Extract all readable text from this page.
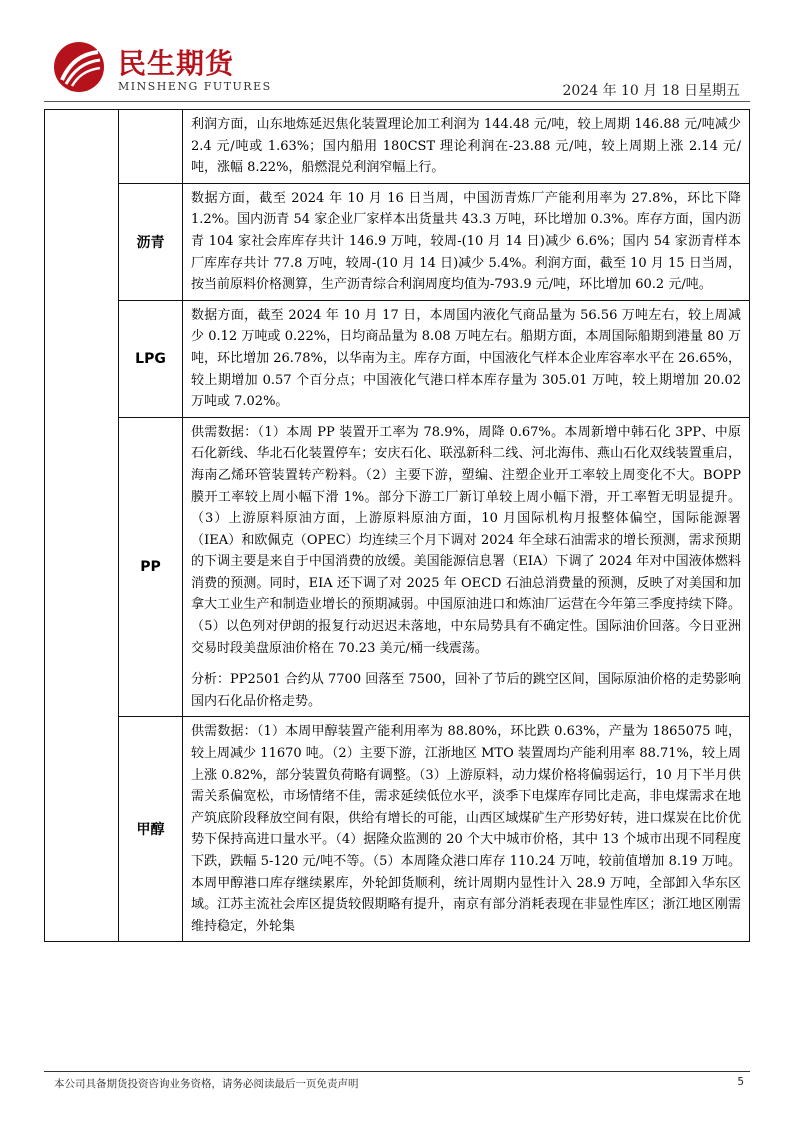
民生期货
MINSHENG FUTURES	2024 年 10 月 18 日星期五

		利润方面，山东地炼延迟焦化装置理论加工利润为 144.48 元/吨，较上周期 146.88 元/吨减少 2.4 元/吨或 1.63%；国内船用 180CST 理论利润在-23.88 元/吨，较上周期上涨 2.14 元/吨，涨幅 8.22%，船燃混兑利润窄幅上行。

	沥青	数据方面，截至 2024 年 10 月 16 日当周，中国沥青炼厂产能利用率为 27.8%，环比下降 1.2%。国内沥青 54 家企业厂家样本出货量共 43.3 万吨，环比增加 0.3%。库存方面，国内沥青 104 家社会库库存共计 146.9 万吨，较周-(10 月 14 日)减少 6.6%；国内 54 家沥青样本厂库库存共计 77.8 万吨，较周-(10 月 14 日)减少 5.4%。利润方面，截至 10 月 15 日当周，按当前原料价格测算，生产沥青综合利润周度均值为-793.9 元/吨，环比增加 60.2 元/吨。

	LPG	数据方面，截至 2024 年 10 月 17 日，本周国内液化气商品量为 56.56 万吨左右，较上周减少 0.12 万吨或 0.22%，日均商品量为 8.08 万吨左右。船期方面，本周国际船期到港量 80 万吨，环比增加 26.78%，以华南为主。库存方面，中国液化气样本企业库容率水平在 26.65%，较上期增加 0.57 个百分点；中国液化气港口样本库存量为 305.01 万吨，较上期增加 20.02 万吨或 7.02%。

	PP	供需数据：（1）本周 PP 装置开工率为 78.9%，周降 0.67%。本周新增中韩石化 3PP、中原石化新线、华北石化装置停车；安庆石化、联泓新科二线、河北海伟、燕山石化双线装置重启，海南乙烯环管装置转产粉料。（2）主要下游，塑编、注塑企业开工率较上周变化不大。BOPP 膜开工率较上周小幅下滑 1%。部分下游工厂新订单较上周小幅下滑，开工率暂无明显提升。（3）上游原料原油方面，上游原料原油方面，10 月国际机构月报整体偏空，国际能源署（IEA）和欧佩克（OPEC）均连续三个月下调对 2024 年全球石油需求的增长预测，需求预期的下调主要是来自于中国消费的放缓。美国能源信息署（EIA）下调了 2024 年对中国液体燃料消费的预测。同时，EIA 还下调了对 2025 年 OECD 石油总消费量的预测，反映了对美国和加拿大工业生产和制造业增长的预期减弱。中国原油进口和炼油厂运营在今年第三季度持续下降。（5）以色列对伊朗的报复行动迟迟未落地，中东局势具有不确定性。国际油价回落。今日亚洲交易时段美盘原油价格在 70.23 美元/桶一线震荡。

分析：PP2501 合约从 7700 回落至 7500，回补了节后的跳空区间，国际原油价格的走势影响国内石化品价格走势。

	甲醇	供需数据：（1）本周甲醇装置产能利用率为 88.80%，环比跌 0.63%，产量为 1865075 吨，较上周减少 11670 吨。（2）主要下游，江浙地区 MTO 装置周均产能利用率 88.71%，较上周上涨 0.82%，部分装置负荷略有调整。（3）上游原料，动力煤价格将偏弱运行，10 月下半月供需关系偏宽松，市场情绪不佳，需求延续低位水平，淡季下电煤库存同比走高，非电煤需求在地产筑底阶段释放空间有限，供给有增长的可能，山西区域煤矿生产形势好转，进口煤炭在比价优势下保持高进口量水平。（4）据隆众监测的 20 个大中城市价格，其中 13 个城市出现不同程度下跌，跌幅 5-120 元/吨不等。（5）本周隆众港口库存 110.24 万吨，较前值增加 8.19 万吨。本周甲醇港口库存继续累库，外轮卸货顺利，统计周期内显性计入 28.9 万吨，全部卸入华东区域。江苏主流社会库区提货较假期略有提升，南京有部分消耗表现在非显性库区；浙江地区刚需维持稳定，外轮集

本公司具备期货投资咨询业务资格，请务必阅读最后一页免责声明	5
